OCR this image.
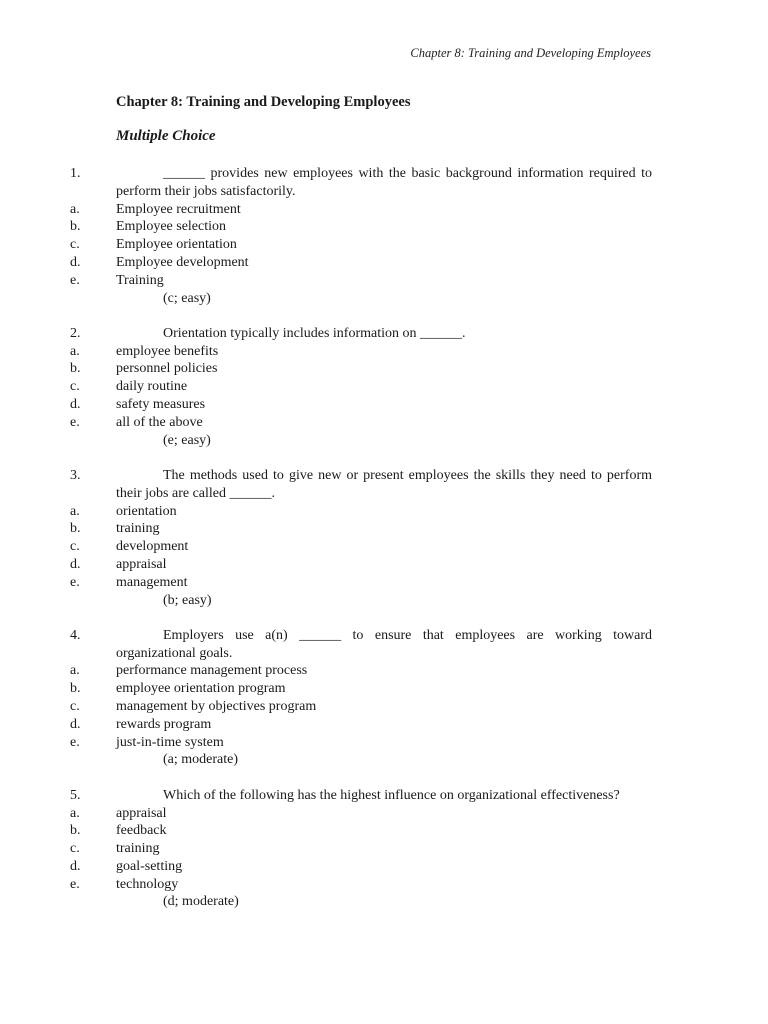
Chapter 8: Training and Developing Employees
Chapter 8: Training and Developing Employees
Multiple Choice
1.	______ provides new employees with the basic background information required to perform their jobs satisfactorily.
a.	Employee recruitment
b.	Employee selection
c.	Employee orientation
d.	Employee development
e.	Training
(c; easy)
2.	Orientation typically includes information on ______.
a.	employee benefits
b.	personnel policies
c.	daily routine
d.	safety measures
e.	all of the above
(e; easy)
3.	The methods used to give new or present employees the skills they need to perform their jobs are called ______.
a.	orientation
b.	training
c.	development
d.	appraisal
e.	management
(b; easy)
4.	Employers use a(n) ______ to ensure that employees are working toward organizational goals.
a.	performance management process
b.	employee orientation program
c.	management by objectives program
d.	rewards program
e.	just-in-time system
(a; moderate)
5.	Which of the following has the highest influence on organizational effectiveness?
a.	appraisal
b.	feedback
c.	training
d.	goal-setting
e.	technology
(d; moderate)
